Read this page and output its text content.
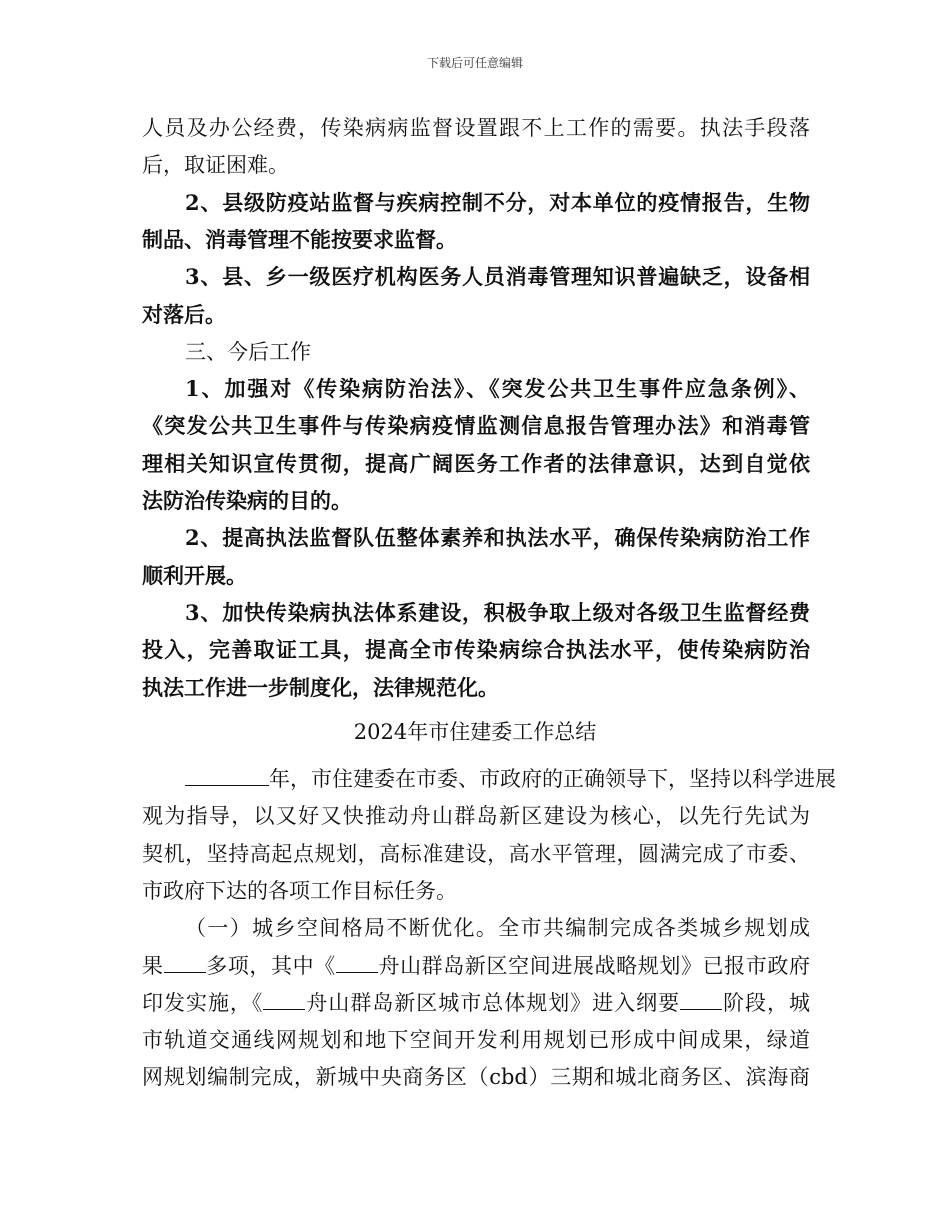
下载后可任意编辑
人员及办公经费，传染病病监督设置跟不上工作的需要。执法手段落
后，取证困难。
2、县级防疫站监督与疾病控制不分，对本单位的疫情报告，生物
制品、消毒管理不能按要求监督。
3、县、乡一级医疗机构医务人员消毒管理知识普遍缺乏，设备相
对落后。
三、今后工作
1、加强对《传染病防治法》、《突发公共卫生事件应急条例》、
《突发公共卫生事件与传染病疫情监测信息报告管理办法》和消毒管
理相关知识宣传贯彻，提高广阔医务工作者的法律意识，达到自觉依
法防治传染病的目的。
2、提高执法监督队伍整体素养和执法水平，确保传染病防治工作
顺利开展。
3、加快传染病执法体系建设，积极争取上级对各级卫生监督经费
投入，完善取证工具，提高全市传染病综合执法水平，使传染病防治
执法工作进一步制度化，法律规范化。
2024年市住建委工作总结
年，市住建委在市委、市政府的正确领导下，坚持以科学进展
观为指导，以又好又快推动舟山群岛新区建设为核心，以先行先试为
契机，坚持高起点规划，高标准建设，高水平管理，圆满完成了市委、
市政府下达的各项工作目标任务。
（一）城乡空间格局不断优化。全市共编制完成各类城乡规划成
果 多项，其中《 舟山群岛新区空间进展战略规划》已报市政府
印发实施，《 舟山群岛新区城市总体规划》进入纲要 阶段，城
市轨道交通线网规划和地下空间开发利用规划已形成中间成果，绿道
网规划编制完成，新城中央商务区（cbd）三期和城北商务区、滨海商
